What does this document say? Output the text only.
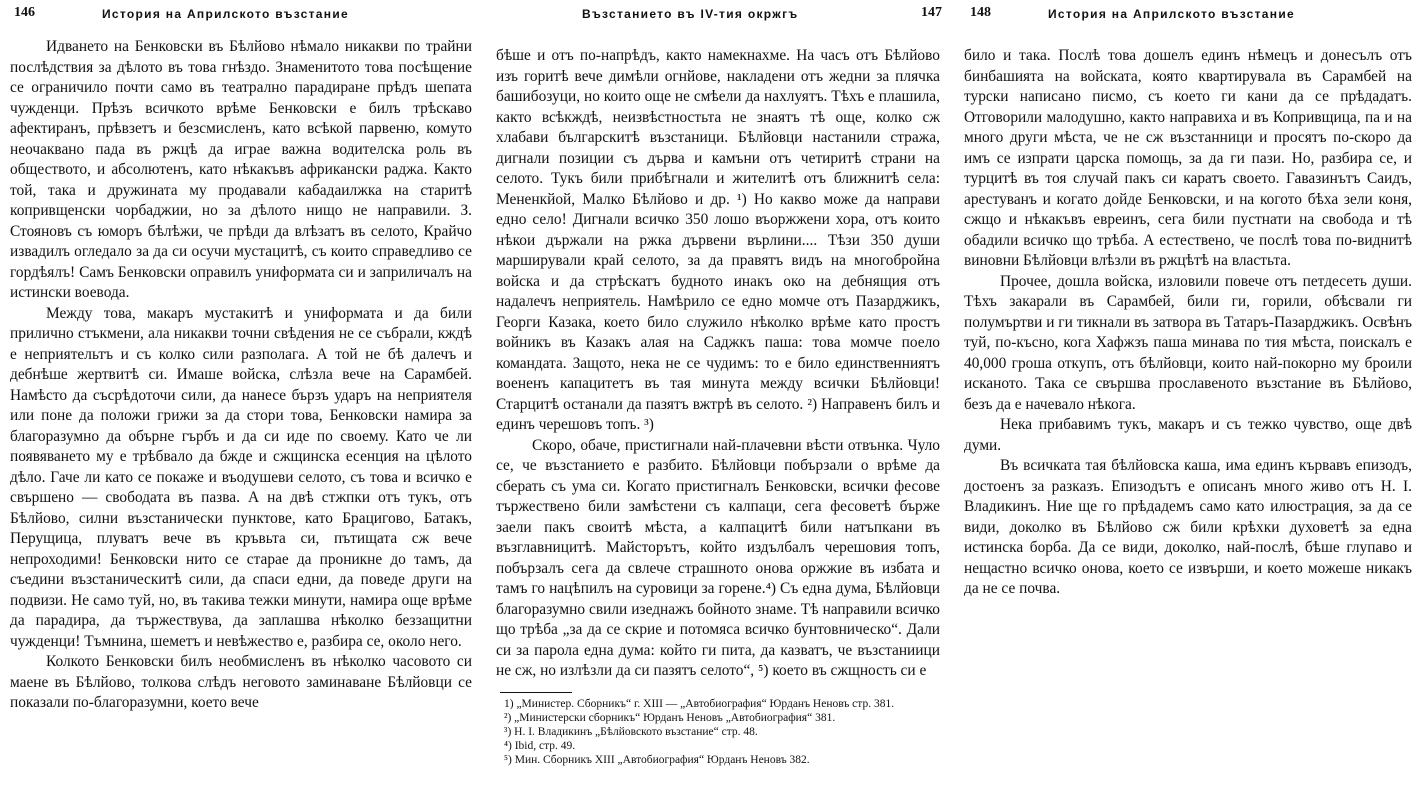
146	История на Априлското възстание

Идването на Бенковски въ Бѣлйово нѣмало никакви по трайни послѣдствия за дѣлото въ това гнѣздо. Знаменитото това посѣщение се ограничило почти само въ театрално парадиране прѣдъ шепата чужденци. Прѣзъ всичкото врѣме Бенковски е билъ трѣскаво афектиранъ, прѣвзетъ и безсмисленъ, като всѣкой парвеню, комуто неочаквано пада въ ржцѣ да играе важна водителска роль въ обществото, и абсолютенъ, като нѣкакъвъ африкански раджа. Както той, така и дружината му продавали кабадаилжка на старитѣ копривщенски чорбаджии, но за дѣлото нищо не направили. З. Стояновъ съ юморъ бѣлѣжи, че прѣди да влѣзатъ въ селото, Крайчо извадилъ огледало за да си осучи мустацитѣ, съ които справедливо се гордѣялъ! Самъ Бенковски оправилъ униформата си и заприличалъ на истински воевода.

Между това, макаръ мустакитѣ и униформата и да били прилично стъкмени, ала никакви точни свѣдения не се събрали, кждѣ е неприятельтъ и съ колко сили разполага. А той не бѣ далечъ и дебнѣше жертвитѣ си. Имаше войска, слѣзла вече на Сарамбей. Намѣсто да съсрѣдоточи сили, да нанесе бързъ ударъ на неприятеля или поне да положи грижи за да стори това, Бенковски намира за благоразумно да обърне гърбъ и да си иде по своему. Като че ли появяването му е трѣбвало да бжде и сжщинска есенция на цѣлото дѣло. Гаче ли като се покаже и въодушеви селото, съ това и всичко е свършено — свободата въ пазва. А на двѣ стжпки отъ тукъ, отъ Бѣлйово, силни възстанически пунктове, като Брацигово, Батакъ, Перущица, плуватъ вече въ кръвьта си, пътищата сж вече непроходими! Бенковски нито се старае да проникне до тамъ, да съедини възстаническитѣ сили, да спаси едни, да поведе други на подвизи. Не само туй, но, въ такива тежки минути, намира още врѣме да парадира, да тържествува, да заплашва нѣколко беззащитни чужденци! Тъмнина, шеметъ и невѣжество е, разбира се, около него.

Колкото Бенковски билъ необмисленъ въ нѣколко часовото си маене въ Бѣлйово, толкова слѣдъ неговото заминаване Бѣлйовци се показали по-благоразумни, което вече

Възстанието въ IV-тия окржгъ	147

бѣше и отъ по-напрѣдъ, както намекнахме. На часъ отъ Бѣлйово изъ горитѣ вече димѣли огнйове, накладени отъ жедни за плячка башибозуци, но които още не смѣели да нахлуятъ. Тѣхъ е плашила, както всѣкждѣ, неизвѣстностьта не знаятъ тѣ още, колко сж хлабави българскитѣ възстаници. Бѣлйовци настанили стража, дигнали позиции съ дърва и камъни отъ четиритѣ страни на селото. Тукъ били прибѣгнали и жителитѣ отъ ближнитѣ села: Мененкйой, Малко Бѣлйово и др. ¹) Но какво може да направи едно село! Дигнали всичко 350 лошо въоржжени хора, отъ които нѣкои държали на ржка дървени върлини.... Тѣзи 350 души марширували край селото, за да правятъ видъ на многобройна войска и да стрѣскатъ будното инакъ око на дебнящия отъ надалечъ неприятель. Намѣрило се едно момче отъ Пазарджикъ, Георги Казака, което било служило нѣколко врѣме като простъ войникъ въ Казакъ алая на Саджкъ паша: това момче поело командата. Защото, нека не се чудимъ: то е било единственниятъ воененъ капацитетъ въ тая минута между всички Бѣлйовци! Старцитѣ останали да пазятъ вжтрѣ въ селото. ²) Направенъ билъ и единъ черешовъ топъ. ³)

Скоро, обаче, пристигнали най-плачевни вѣсти отвънка. Чуло се, че възстанието е разбито. Бѣлйовци побързали о врѣме да сберать съ ума си. Когато пристигналъ Бенковски, всички фесове тържествено били замѣстени съ калпаци, сега фесоветѣ бърже заели пакъ своитѣ мѣста, а калпацитѣ били натъпкани въ възглавницитѣ. Майсторътъ, който издълбалъ черешовия топъ, побързалъ сега да свлече страшното онова оржжие въ избата и тамъ го нацѣпилъ на суровици за горене.⁴) Съ една дума, Бѣлйовци благоразумно свили изеднажъ бойното знаме. Тѣ направили всичко що трѣба „за да се скрие и потомяса всичко бунтовническо“. Дали си за парола една дума: който ги пита, да казватъ, че възстаниици не сж, но излѣзли да си пазятъ селото“, ⁵) което въ сжщность си е

1) „Министер. Сборникъ“ г. XIII — „Автобиография“ Юрданъ Неновъ стр. 381.

²) „Министерски сборникъ“ Юрданъ Неновъ „Автобиография“ 381.

³) Н. І. Владикинъ „Бѣлйовското възстание“ стр. 48.

⁴) Ibid, стр. 49.

⁵) Мин. Сборникъ XIII „Автобиография“ Юрданъ Неновъ 382.

148	История на Априлското възстание

било и така. Послѣ това дошелъ единъ нѣмецъ и донесълъ отъ бинбашията на войската, която квартирувала въ Сарамбей на турски написано писмо, съ което ги кани да се прѣдадатъ. Отговорили малодушно, както направиха и въ Копривщица, па и на много други мѣста, че не сж възстанници и просятъ по-скоро да имъ се изпрати царска помощь, за да ги пази. Но, разбира се, и турцитѣ въ тоя случай пакъ си каратъ своето. Гавазинътъ Саидъ, арестуванъ и когато дойде Бенковски, и на когото бѣха зели коня, сжщо и нѣкакъвъ евреинъ, сега били пустнати на свобода и тѣ обадили всичко що трѣба. А естествено, че послѣ това по-виднитѣ виновни Бѣлйовци влѣзли въ ржцѣтѣ на властьта.

Прочее, дошла войска, изловили повече отъ петдесеть души. Тѣхъ закарали въ Сарамбей, били ги, горили, обѣсвали ги полумъртви и ги тикнали въ затвора въ Татаръ-Пазарджикъ. Освѣнъ туй, по-късно, кога Хафжзъ паша минава по тия мѣста, поискалъ е 40,000 гроша откупъ, отъ бѣлйовци, които най-покорно му броили исканото. Така се свършва прославеното възстание въ Бѣлйово, безъ да е начевало нѣкога.

Нека прибавимъ тукъ, макаръ и съ тежко чувство, още двѣ думи.

Въ всичката тая бѣлйовска каша, има единъ кървавъ епизодъ, достоенъ за разказъ. Епизодътъ е описанъ много живо отъ Н. І. Владикинъ. Ние ще го прѣдадемъ само като илюстрация, за да се види, доколко въ Бѣлйово сж били крѣхки духоветѣ за една истинска борба. Да се види, доколко, най-послѣ, бѣше глупаво и нещастно всичко онова, което се извърши, и което можеше никакъ да не се почва.
